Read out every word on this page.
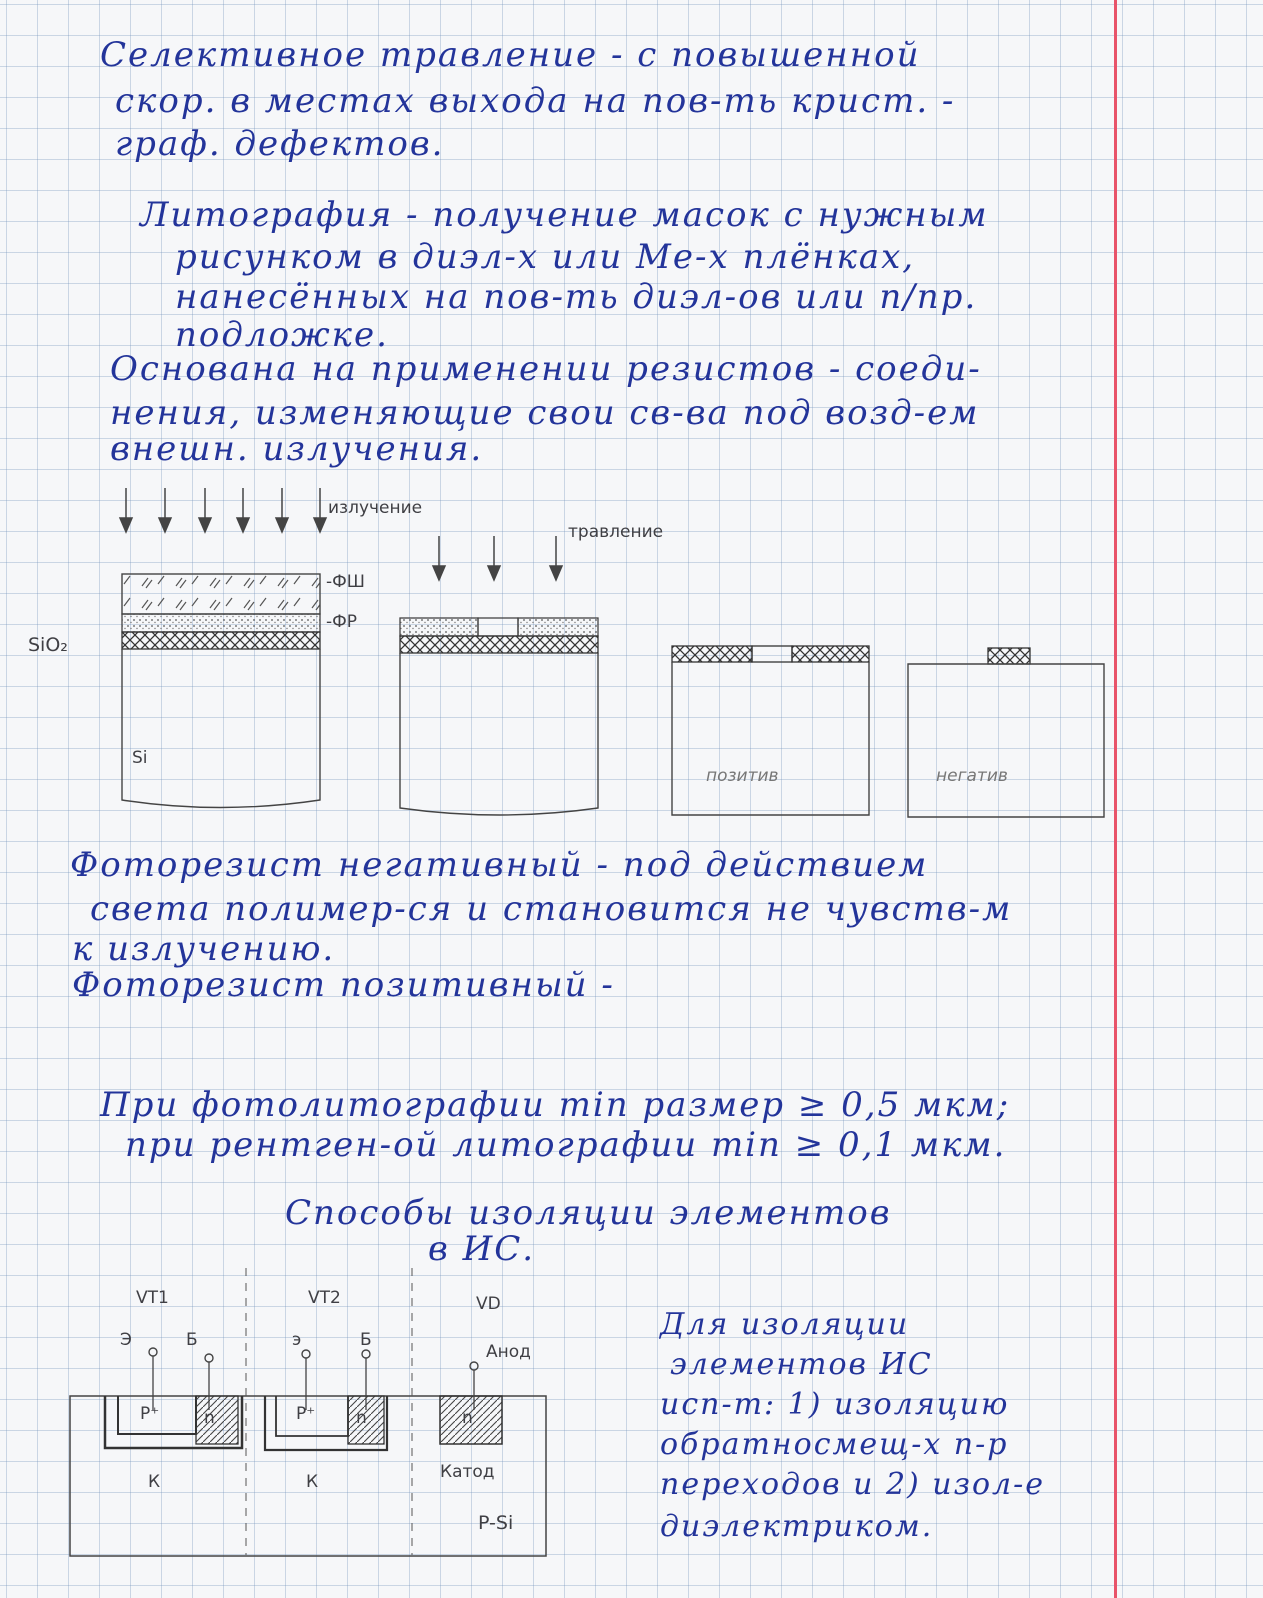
Селективное травление - с повышенной
скор. в местах выхода на пов-ть крист. -
граф. дефектов.
Литография - получение масок с нужным
рисунком в диэл-х или Ме-х плёнках,
нанесённых на пов-ть диэл-ов или п/пр.
подложке.
Основана на применении резистов - соеди-
нения, изменяющие свои св-ва под возд-ем
внешн. излучения.
излучение
травление
-ФШ
-ФР
SiO₂
Si
позитив	негатив
Фоторезист негативный - под действием
света полимер-ся и становится не чувств-м
к излучению.
Фоторезист позитивный -
При фотолитографии min размер ≥ 0,5 мкм;
при рентген-ой литографии min ≥ 0,1 мкм.
Способы изоляции элементов
в ИС.
VT1	VT2	VD
Э	Б	э	Б
Анод
P⁺	n	P⁺ n	n
К	К	Катод
P-Si
Для изоляции
элементов ИС
исп-т: 1) изоляцию
обратносмещ-х n-p
переходов и 2) изол-е
диэлектриком.
